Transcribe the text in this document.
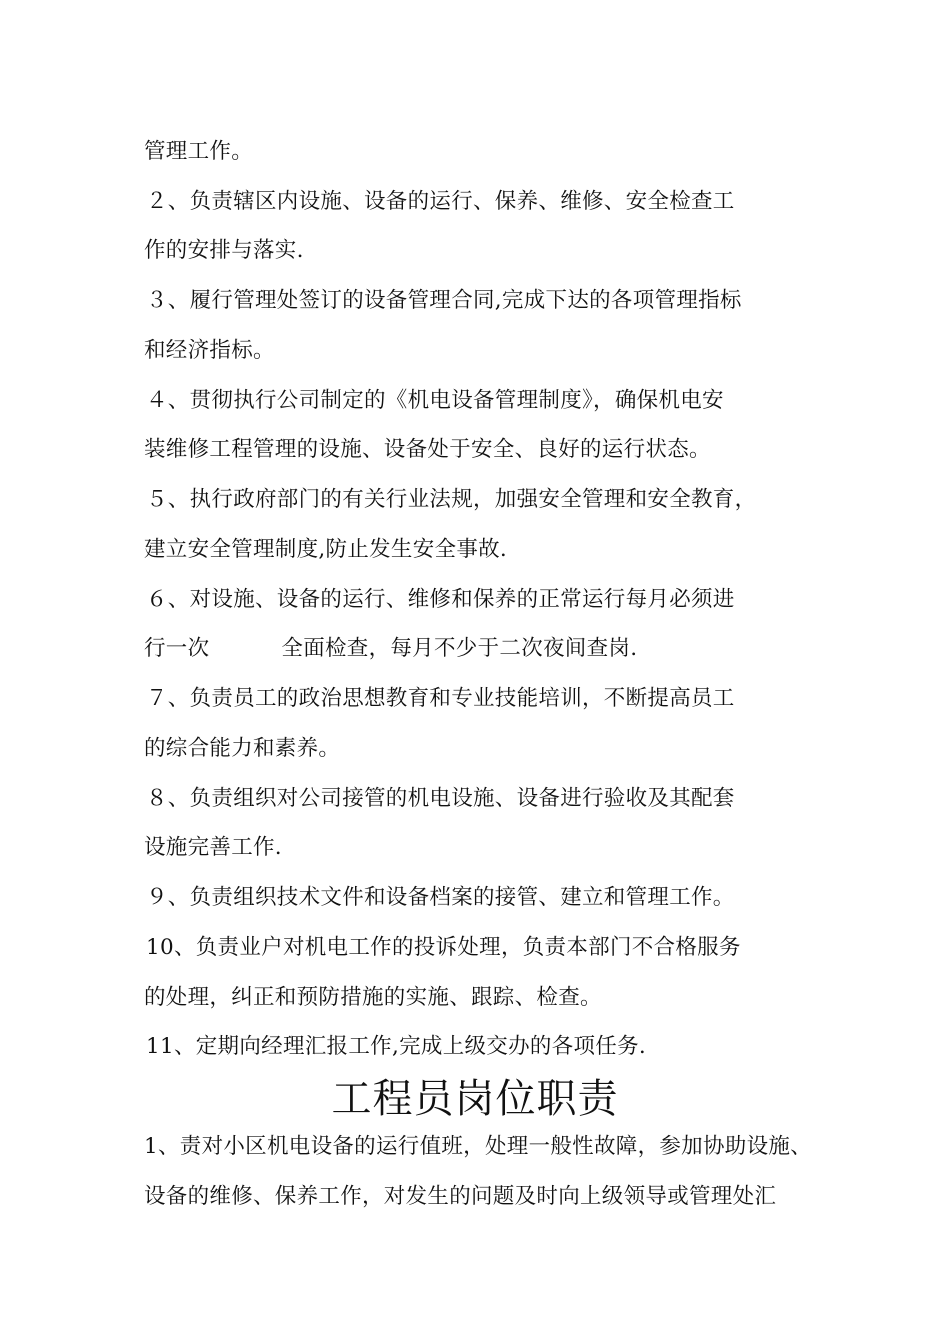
管理工作。
２、负责辖区内设施、设备的运行、保养、维修、安全检查工
作的安排与落实.
３、履行管理处签订的设备管理合同,完成下达的各项管理指标
和经济指标。
４、贯彻执行公司制定的《机电设备管理制度》，确保机电安
装维修工程管理的设施、设备处于安全、良好的运行状态。
５、执行政府部门的有关行业法规，加强安全管理和安全教育，
建立安全管理制度,防止发生安全事故.
６、对设施、设备的运行、维修和保养的正常运行每月必须进
行一次	全面检查，每月不少于二次夜间查岗.
７、负责员工的政治思想教育和专业技能培训，不断提高员工
的综合能力和素养。
８、负责组织对公司接管的机电设施、设备进行验收及其配套
设施完善工作.
９、负责组织技术文件和设备档案的接管、建立和管理工作。
10、负责业户对机电工作的投诉处理，负责本部门不合格服务
的处理，纠正和预防措施的实施、跟踪、检查。
11、定期向经理汇报工作,完成上级交办的各项任务.
工程员岗位职责
1、责对小区机电设备的运行值班，处理一般性故障，参加协助设施、
设备的维修、保养工作，对发生的问题及时向上级领导或管理处汇
